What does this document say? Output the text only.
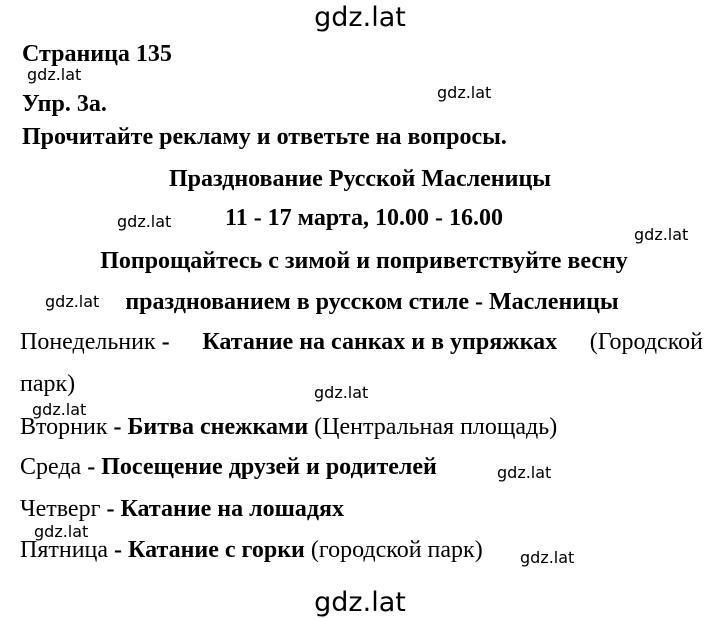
gdz.lat
gdz.lat
gdz.lat
gdz.lat
gdz.lat
gdz.lat
gdz.lat
gdz.lat
gdz.lat
gdz.lat
gdz.lat
gdz.lat
Страница 135
Упр. 3а.
Прочитайте рекламу и ответьте на вопросы.
Празднование Русской Масленицы
11 - 17 марта, 10.00 - 16.00
Попрощайтесь с зимой и поприветствуйте весну
празднованием в русском стиле - Масленицы
Понедельник -	Катание на санках и в упряжках	(Городской
парк)
Вторник - Битва снежками (Центральная площадь)
Среда - Посещение друзей и родителей
Четверг - Катание на лошадях
Пятница - Катание с горки (городской парк)
